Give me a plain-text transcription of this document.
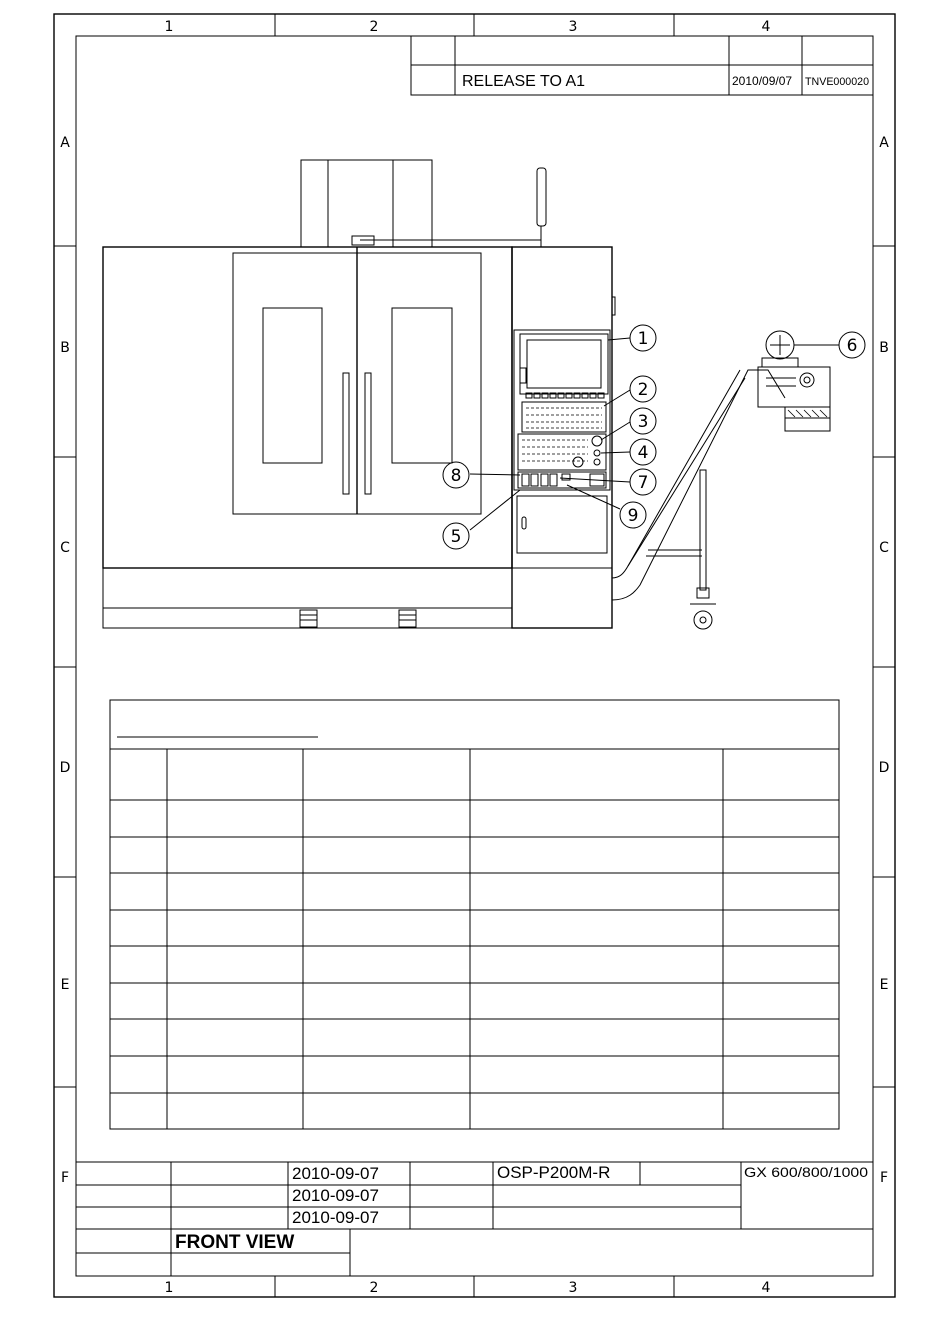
1	2	3	4
1	2	3	4
A
B
C
D
E
F
A
B
C
D
E
F
RELEASE TO A1	2010/09/07 TNVE000020
1
2
3
4
5
6
7
8
9
2010-09-07
2010-09-07
2010-09-07
OSP-P200M-R	GX 600/800/1000
FRONT VIEW
